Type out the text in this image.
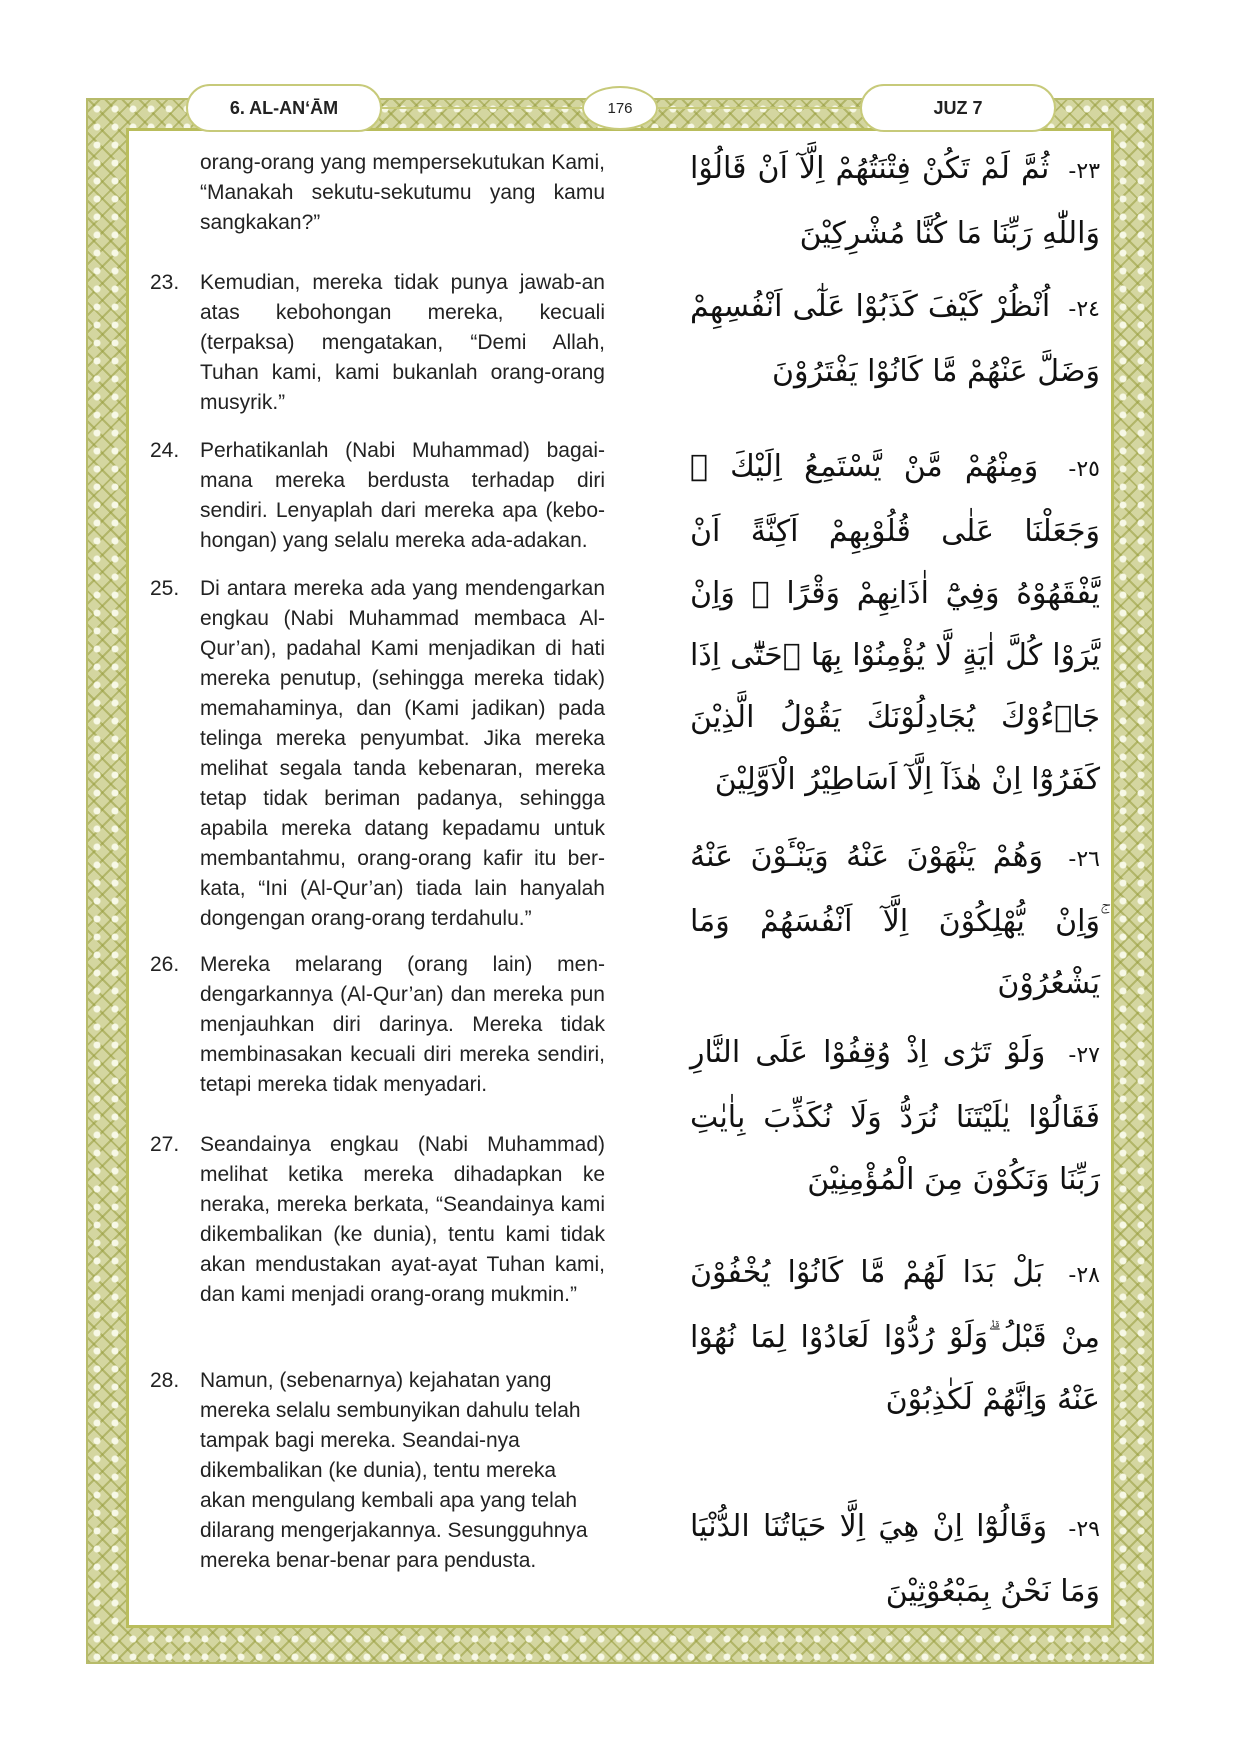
6. AL-ANʻĀM	176	JUZ 7
orang-orang yang mempersekutukan Kami, “Manakah sekutu-sekutumu yang kamu sangkakan?”
٢٣- ثُمَّ لَمْ تَكُنْ فِتْنَتُهُمْ اِلَّآ اَنْ قَالُوْا وَاللّٰهِ رَبِّنَا مَا كُنَّا مُشْرِكِيْنَ
23. Kemudian, mereka tidak punya jawab-an atas kebohongan mereka, kecuali (terpaksa) mengatakan, “Demi Allah, Tuhan kami, kami bukanlah orang-orang musyrik.”
٢٤- اُنْظُرْ كَيْفَ كَذَبُوْا عَلٰٓى اَنْفُسِهِمْ وَضَلَّ عَنْهُمْ مَّا كَانُوْا يَفْتَرُوْنَ
24. Perhatikanlah (Nabi Muhammad) bagai-mana mereka berdusta terhadap diri sendiri. Lenyaplah dari mereka apa (kebo-hongan) yang selalu mereka ada-adakan.
٢٥- وَمِنْهُمْ مَّنْ يَّسْتَمِعُ اِلَيْكَ ۚ وَجَعَلْنَا عَلٰى قُلُوْبِهِمْ اَكِنَّةً اَنْ يَّفْقَهُوْهُ وَفِيْٓ اٰذَانِهِمْ وَقْرًا ۗ وَاِنْ يَّرَوْا كُلَّ اٰيَةٍ لَّا يُؤْمِنُوْا بِهَا ۗحَتّٰٓى اِذَا جَاۤءُوْكَ يُجَادِلُوْنَكَ يَقُوْلُ الَّذِيْنَ كَفَرُوْٓا اِنْ هٰذَآ اِلَّآ اَسَاطِيْرُ الْاَوَّلِيْنَ
25. Di antara mereka ada yang mendengarkan engkau (Nabi Muhammad membaca Al-Qur’an), padahal Kami menjadikan di hati mereka penutup, (sehingga mereka tidak) memahaminya, dan (Kami jadikan) pada telinga mereka penyumbat. Jika mereka melihat segala tanda kebenaran, mereka tetap tidak beriman padanya, sehingga apabila mereka datang kepadamu untuk membantahmu, orang-orang kafir itu ber-kata, “Ini (Al-Qur’an) tiada lain hanyalah dongengan orang-orang terdahulu.”
٢٦- وَهُمْ يَنْهَوْنَ عَنْهُ وَيَنْـَٔوْنَ عَنْهُ ۚوَاِنْ يُّهْلِكُوْنَ اِلَّآ اَنْفُسَهُمْ وَمَا يَشْعُرُوْنَ
26. Mereka melarang (orang lain) men-dengarkannya (Al-Qur’an) dan mereka pun menjauhkan diri darinya. Mereka tidak membinasakan kecuali diri mereka sendiri, tetapi mereka tidak menyadari.
٢٧- وَلَوْ تَرٰٓى اِذْ وُقِفُوْا عَلَى النَّارِ فَقَالُوْا يٰلَيْتَنَا نُرَدُّ وَلَا نُكَذِّبَ بِاٰيٰتِ رَبِّنَا وَنَكُوْنَ مِنَ الْمُؤْمِنِيْنَ
27. Seandainya engkau (Nabi Muhammad) melihat ketika mereka dihadapkan ke neraka, mereka berkata, “Seandainya kami dikembalikan (ke dunia), tentu kami tidak akan mendustakan ayat-ayat Tuhan kami, dan kami menjadi orang-orang mukmin.”
٢٨- بَلْ بَدَا لَهُمْ مَّا كَانُوْا يُخْفُوْنَ مِنْ قَبْلُ ۗوَلَوْ رُدُّوْا لَعَادُوْا لِمَا نُهُوْا عَنْهُ وَاِنَّهُمْ لَكٰذِبُوْنَ
28. Namun, (sebenarnya) kejahatan yang mereka selalu sembunyikan dahulu telah tampak bagi mereka. Seandai-nya dikembalikan (ke dunia), tentu mereka akan mengulang kembali apa yang telah dilarang mengerjakannya. Sesungguhnya mereka benar-benar para pendusta.
٢٩- وَقَالُوْٓا اِنْ هِيَ اِلَّا حَيَاتُنَا الدُّنْيَا وَمَا نَحْنُ بِمَبْعُوْثِيْنَ
